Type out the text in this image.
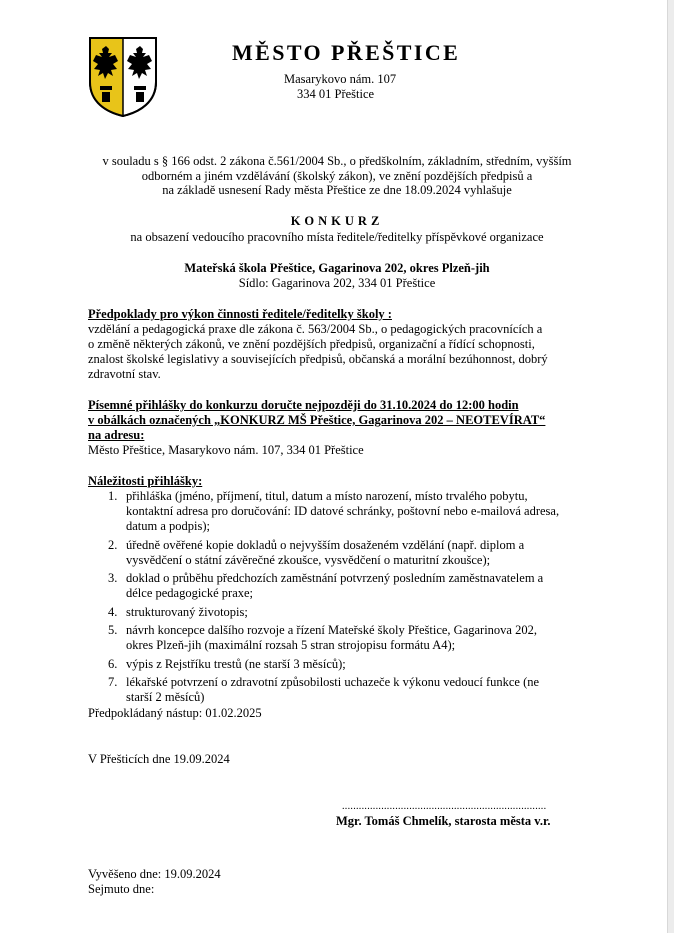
MĚSTO PŘEŠTICE
Masarykovo nám. 107
334 01 Přeštice
v souladu s § 166 odst. 2 zákona č.561/2004 Sb., o předškolním, základním, středním, vyšším
odborném a jiném vzdělávání (školský zákon), ve znění pozdějších předpisů a
na základě usnesení Rady města Přeštice ze dne 18.09.2024 vyhlašuje
KONKURZ
na obsazení vedoucího pracovního místa ředitele/ředitelky příspěvkové organizace
Mateřská škola Přeštice, Gagarinova 202, okres Plzeň-jih
Sídlo: Gagarinova 202, 334 01 Přeštice
Předpoklady pro výkon činnosti ředitele/ředitelky školy :
vzdělání a pedagogická praxe dle zákona č. 563/2004 Sb., o pedagogických pracovnících a
o změně některých zákonů, ve znění pozdějších předpisů, organizační a řídící schopnosti,
znalost školské legislativy a souvisejících předpisů, občanská a morální bezúhonnost, dobrý
zdravotní stav.
Písemné přihlášky do konkurzu doručte nejpozději do 31.10.2024 do 12:00 hodin
v obálkách označených „KONKURZ MŠ Přeštice, Gagarinova 202 – NEOTEVÍRAT“
na adresu:
Město Přeštice, Masarykovo nám. 107, 334 01 Přeštice
Náležitosti přihlášky:
1. přihláška (jméno, příjmení, titul, datum a místo narození, místo trvalého pobytu,
kontaktní adresa pro doručování: ID datové schránky, poštovní nebo e-mailová adresa,
datum a podpis);
2. úředně ověřené kopie dokladů o nejvyšším dosaženém vzdělání (např. diplom a
vysvědčení o státní závěrečné zkoušce, vysvědčení o maturitní zkoušce);
3. doklad o průběhu předchozích zaměstnání potvrzený posledním zaměstnavatelem a
délce pedagogické praxe;
4. strukturovaný životopis;
5. návrh koncepce dalšího rozvoje a řízení Mateřské školy Přeštice, Gagarinova 202,
okres Plzeň-jih (maximální rozsah 5 stran strojopisu formátu A4);
6. výpis z Rejstříku trestů (ne starší 3 měsíců);
7. lékařské potvrzení o zdravotní způsobilosti uchazeče k výkonu vedoucí funkce (ne
starší 2 měsíců)
Předpokládaný nástup: 01.02.2025
V Přešticích dne 19.09.2024
.........................................................................
Mgr. Tomáš Chmelík, starosta města v.r.
Vyvěšeno dne: 19.09.2024
Sejmuto dne:
